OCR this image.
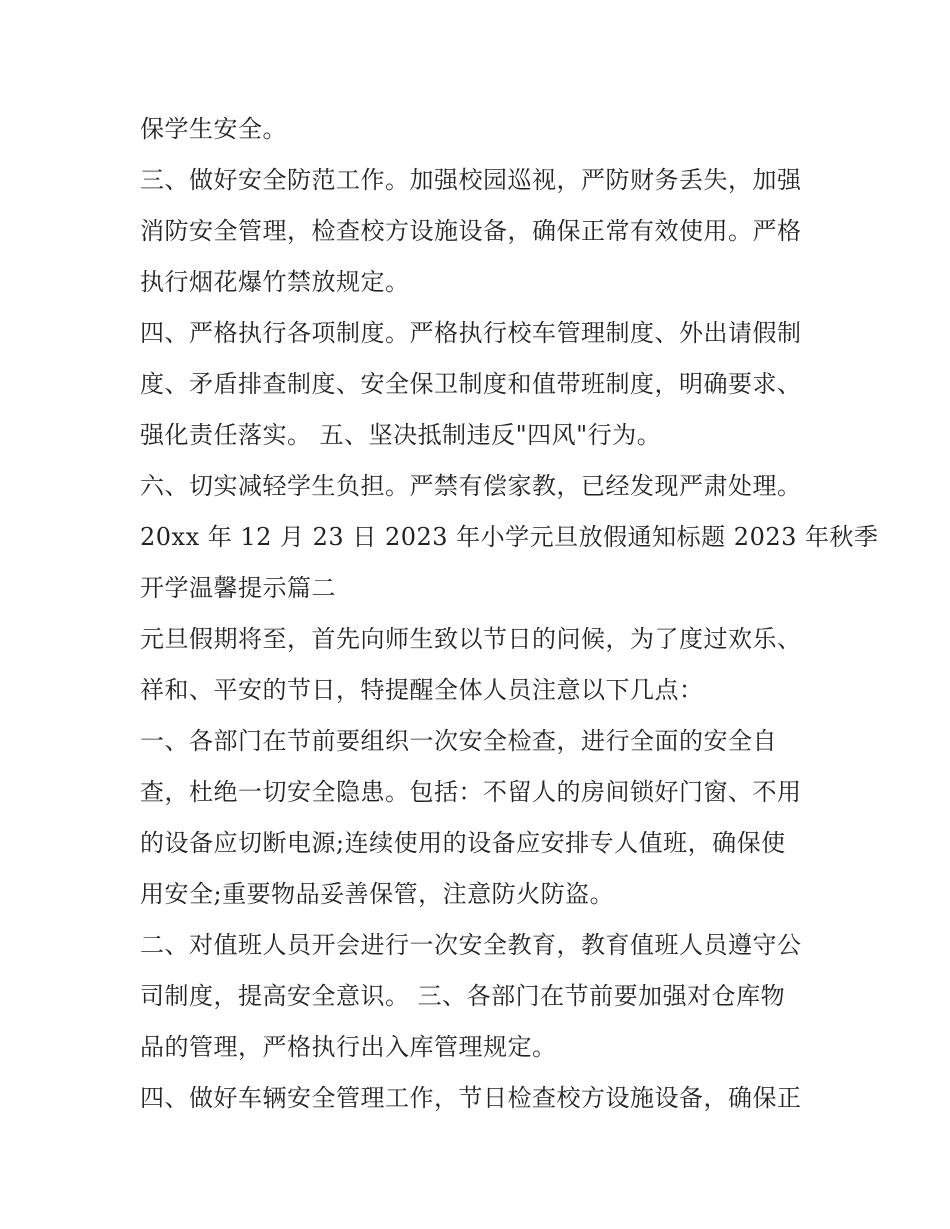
保学生安全。
三、做好安全防范工作。加强校园巡视，严防财务丢失，加强
消防安全管理，检查校方设施设备，确保正常有效使用。严格
执行烟花爆竹禁放规定。
四、严格执行各项制度。严格执行校车管理制度、外出请假制
度、矛盾排查制度、安全保卫制度和值带班制度，明确要求、
强化责任落实。 五、坚决抵制违反"四风"行为。
六、切实减轻学生负担。严禁有偿家教，已经发现严肃处理。
20xx 年 12 月 23 日 2023 年小学元旦放假通知标题 2023 年秋季
开学温馨提示篇二
元旦假期将至，首先向师生致以节日的问候，为了度过欢乐、
祥和、平安的节日，特提醒全体人员注意以下几点：
一、各部门在节前要组织一次安全检查，进行全面的安全自
查，杜绝一切安全隐患。包括：不留人的房间锁好门窗、不用
的设备应切断电源;连续使用的设备应安排专人值班，确保使
用安全;重要物品妥善保管，注意防火防盗。
二、对值班人员开会进行一次安全教育，教育值班人员遵守公
司制度，提高安全意识。 三、各部门在节前要加强对仓库物
品的管理，严格执行出入库管理规定。
四、做好车辆安全管理工作，节日检查校方设施设备，确保正
